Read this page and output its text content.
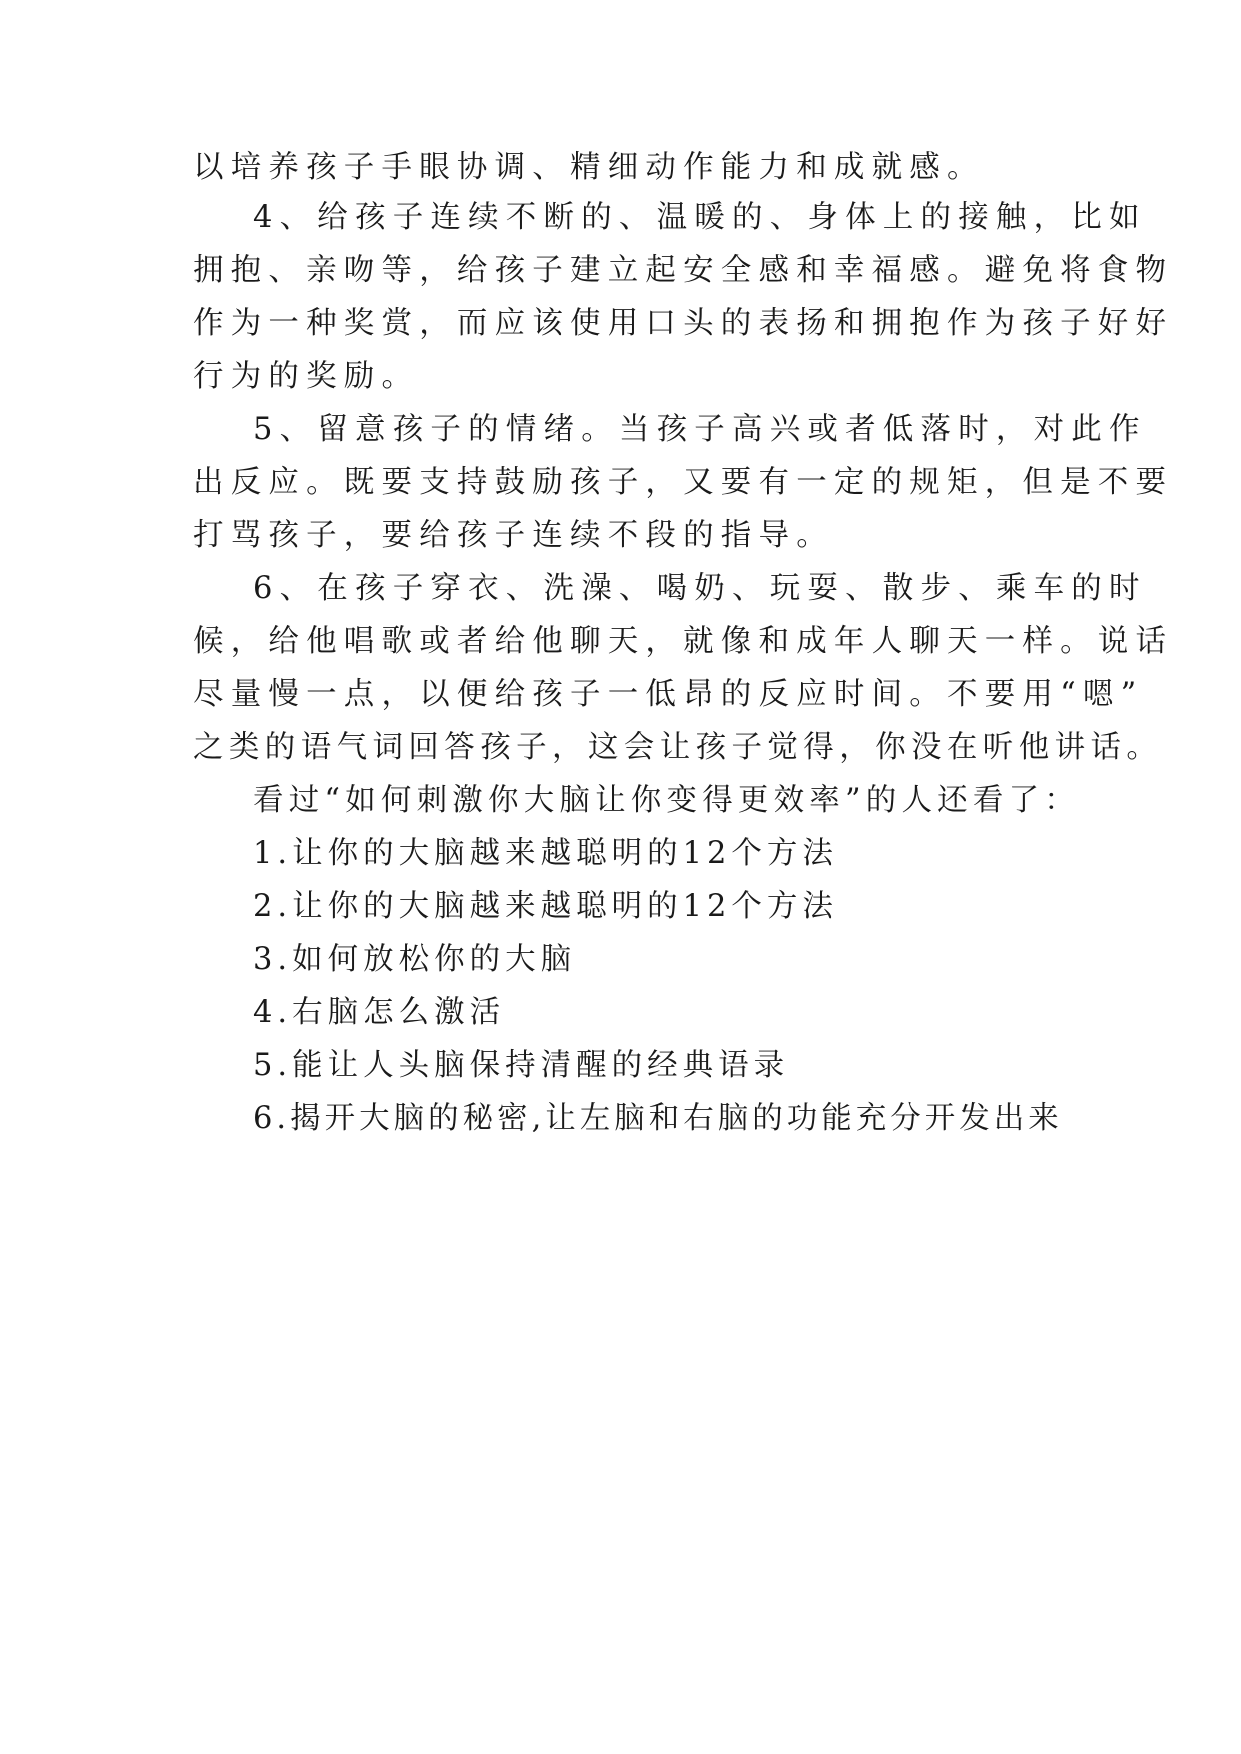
以培养孩子手眼协调、精细动作能力和成就感。
4、给孩子连续不断的、温暖的、身体上的接触，比如
拥抱、亲吻等，给孩子建立起安全感和幸福感。避免将食物
作为一种奖赏，而应该使用口头的表扬和拥抱作为孩子好好
行为的奖励。
5、留意孩子的情绪。当孩子高兴或者低落时，对此作
出反应。既要支持鼓励孩子，又要有一定的规矩，但是不要
打骂孩子，要给孩子连续不段的指导。
6、在孩子穿衣、洗澡、喝奶、玩耍、散步、乘车的时
候，给他唱歌或者给他聊天，就像和成年人聊天一样。说话
尽量慢一点，以便给孩子一低昂的反应时间。不要用“嗯”
之类的语气词回答孩子，这会让孩子觉得，你没在听他讲话。
看过“如何刺激你大脑让你变得更效率”的人还看了：
1.让你的大脑越来越聪明的12个方法
2.让你的大脑越来越聪明的12个方法
3.如何放松你的大脑
4.右脑怎么激活
5.能让人头脑保持清醒的经典语录
6.揭开大脑的秘密,让左脑和右脑的功能充分开发出来
